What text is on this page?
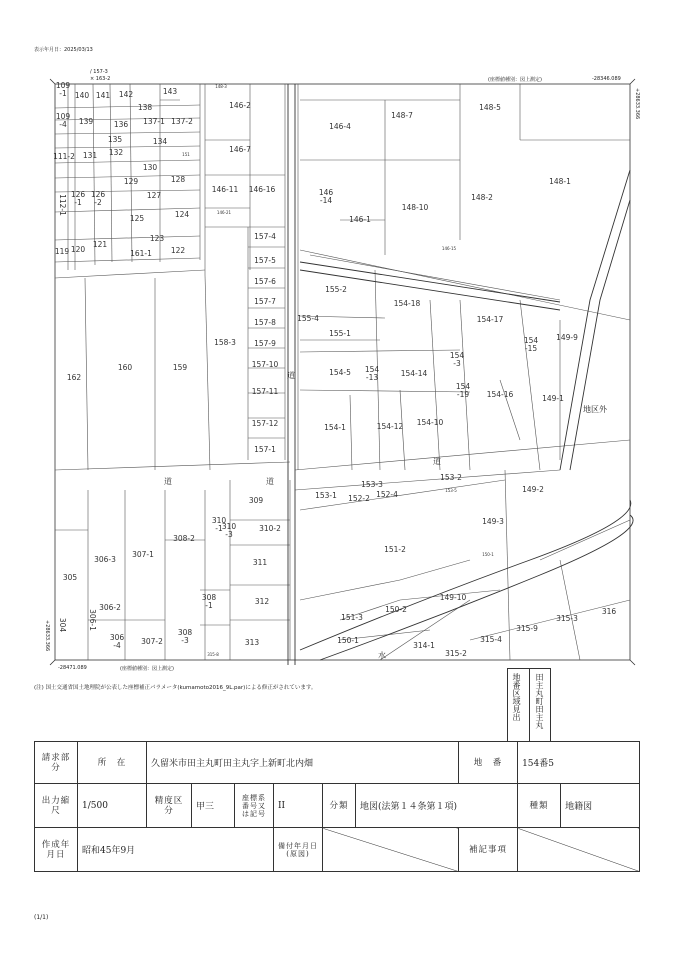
表示年月日：2025/03/13
/ 157-3
× 163-2	(座標値種別：図上測定)	-28346.089
+28633.366
+28633.366
-28471.089	(座標値種別：図上測定)
109 -1	140 141 142	143
138
109 -4	139	136 137-1 137-2
135	134
111-2 131 132
130
129	128
127
126 -1
126 -2
112-1
125	124
123
119 120
121
161-1	122
146-2
146-7
146-11 146-16
157-4
157-5
157-6
157-7
157-8
157-9
157-10
157-11
157-12
157-1
158-3
160	159
162
146-4
148-7
148-5
146 -14
146-1
148-10
148-2
148-1
155-2
154-18
154-17
155-4
155-1
154 -15
149-9
154 -3
154-5 154 -13	154-14
154 -19 154-16	149-1
154-1	154-12 154-10
153-3
153-2
153-1 152-2 152-4
149-2
309
310 -1 310 -3
310-2
308-2
311
306-3
307-1
305
149-3
151-2
308 -1	312
306-2
306-1
149-10
316
151-3
150-2
315-3
315-9
306 -4	307-2
308 -3	313	150-1
314-1
315-4
315-2
304
道
道	道
道
水
146-15
153-5
150-1
315-8
148-3
146-21
151
地区外
(注) 国土交通省国土地理院が公表した座標補正パラメータ(kumamoto2016_9L.par)による修正がされています。	地番区域見出 田主丸町田主丸
請求部分	所　在	久留米市田主丸町田主丸字上新町北内畑						地　番	154番5	
出力縮尺	1/500	精度区分	甲三	座標系番号又は記号	II	分類	地図(法第１４条第１項)		種類	地籍図
作成年月日	昭和45年9月				備付年月日(原図)			補記事項		
(1/1)
